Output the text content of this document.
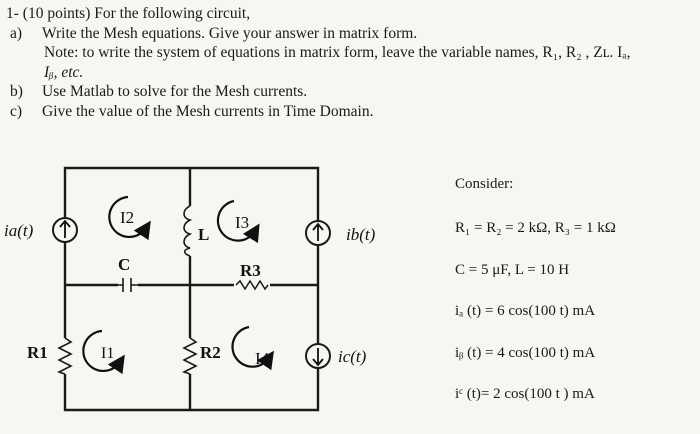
1- (10 points) For the following circuit,

a) Write the Mesh equations. Give your answer in matrix form.

Note: to write the system of equations in matrix form, leave the variable names, R₁, R₂ , Zʟ. Iₐ,

Iᵦ, etc.

b) Use Matlab to solve for the Mesh currents.

c) Give the value of the Mesh currents in Time Domain.

ia(t)	ib(t)
ic(t)
R1	R2
R3
L
C
I2	I3
I1	I4
Consider:
R₁ = R₂ = 2 kΩ, R₃ = 1 kΩ
C = 5 μF, L = 10 H
iₐ (t) = 6 cos(100 t) mA
iᵦ (t) = 4 cos(100 t) mA
iᶜ (t)= 2 cos(100 t ) mA
